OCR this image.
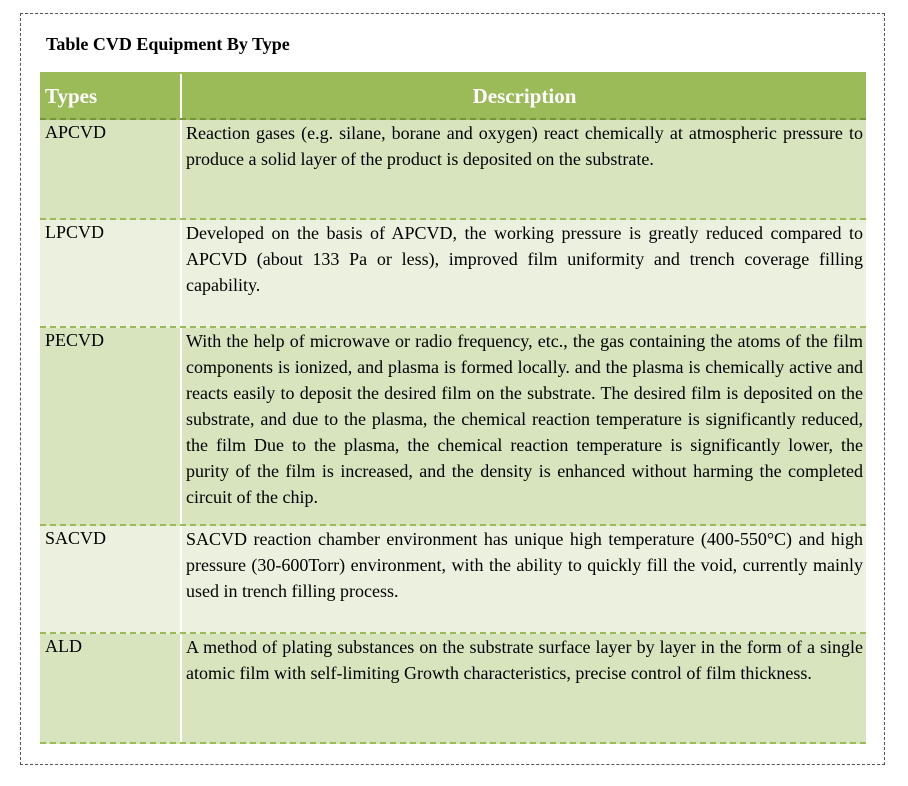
Table CVD Equipment By Type
Types	Description
APCVD	Reaction gases (e.g. silane, borane and oxygen) react chemically at atmospheric pressure to produce a solid layer of the product is deposited on the substrate.
LPCVD	Developed on the basis of APCVD, the working pressure is greatly reduced compared to APCVD (about 133 Pa or less), improved film uniformity and trench coverage filling capability.
PECVD	With the help of microwave or radio frequency, etc., the gas containing the atoms of the film components is ionized, and plasma is formed locally. and the plasma is chemically active and reacts easily to deposit the desired film on the substrate. The desired film is deposited on the substrate, and due to the plasma, the chemical reaction temperature is significantly reduced, the film Due to the plasma, the chemical reaction temperature is significantly lower, the purity of the film is increased, and the density is enhanced without harming the completed circuit of the chip.
SACVD	SACVD reaction chamber environment has unique high temperature (400-550°C) and high pressure (30-600Torr) environment, with the ability to quickly fill the void, currently mainly used in trench filling process.
ALD	A method of plating substances on the substrate surface layer by layer in the form of a single atomic film with self-limiting Growth characteristics, precise control of film thickness.
